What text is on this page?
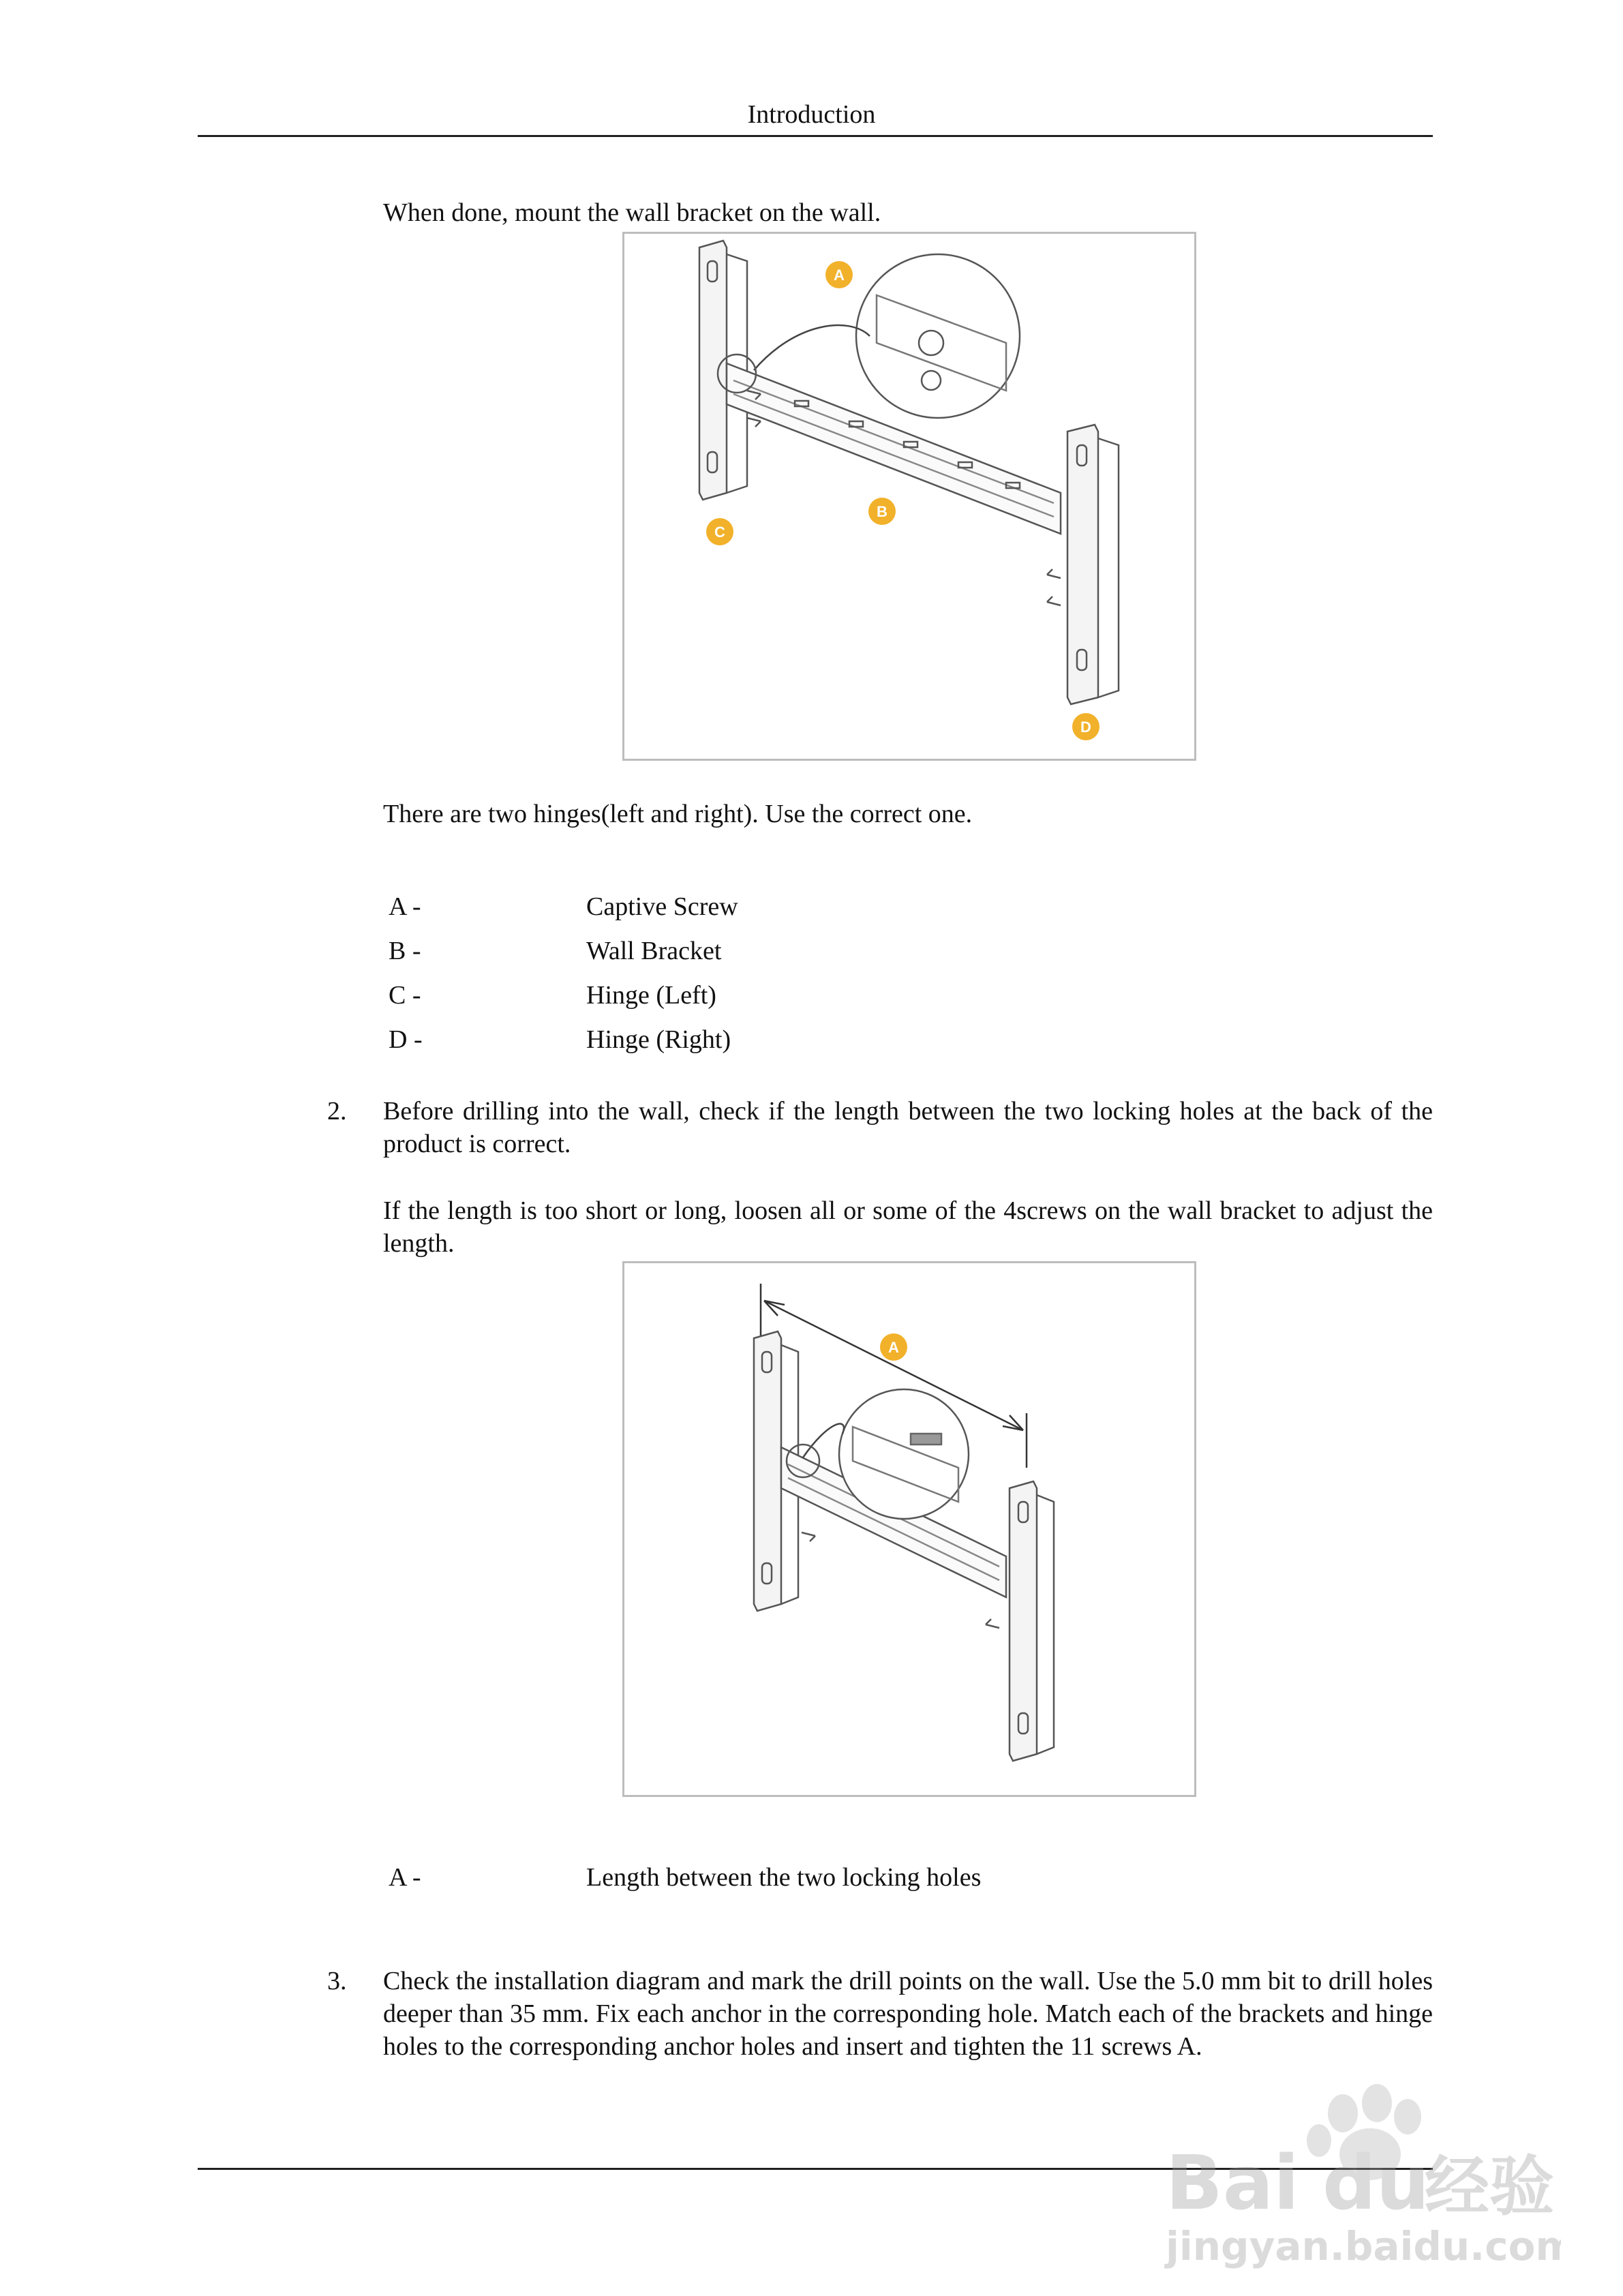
Introduction
When done, mount the wall bracket on the wall.
A
B
C
D
There are two hinges(left and right). Use the correct one.
A -	Captive Screw
B -	Wall Bracket
C -	Hinge (Left)
D -	Hinge (Right)
2. Before drilling into the wall, check if the length between the two locking holes at the back of the product is correct.
If the length is too short or long, loosen all or some of the 4screws on the wall bracket to adjust the length.
A
A -	Length between the two locking holes
3. Check the installation diagram and mark the drill points on the wall. Use the 5.0 mm bit to drill holes deeper than 35 mm. Fix each anchor in the corresponding hole. Match each of the brackets and hinge holes to the corresponding anchor holes and insert and tighten the 11 screws A.
Bai du
经验
jingyan.baidu.com
